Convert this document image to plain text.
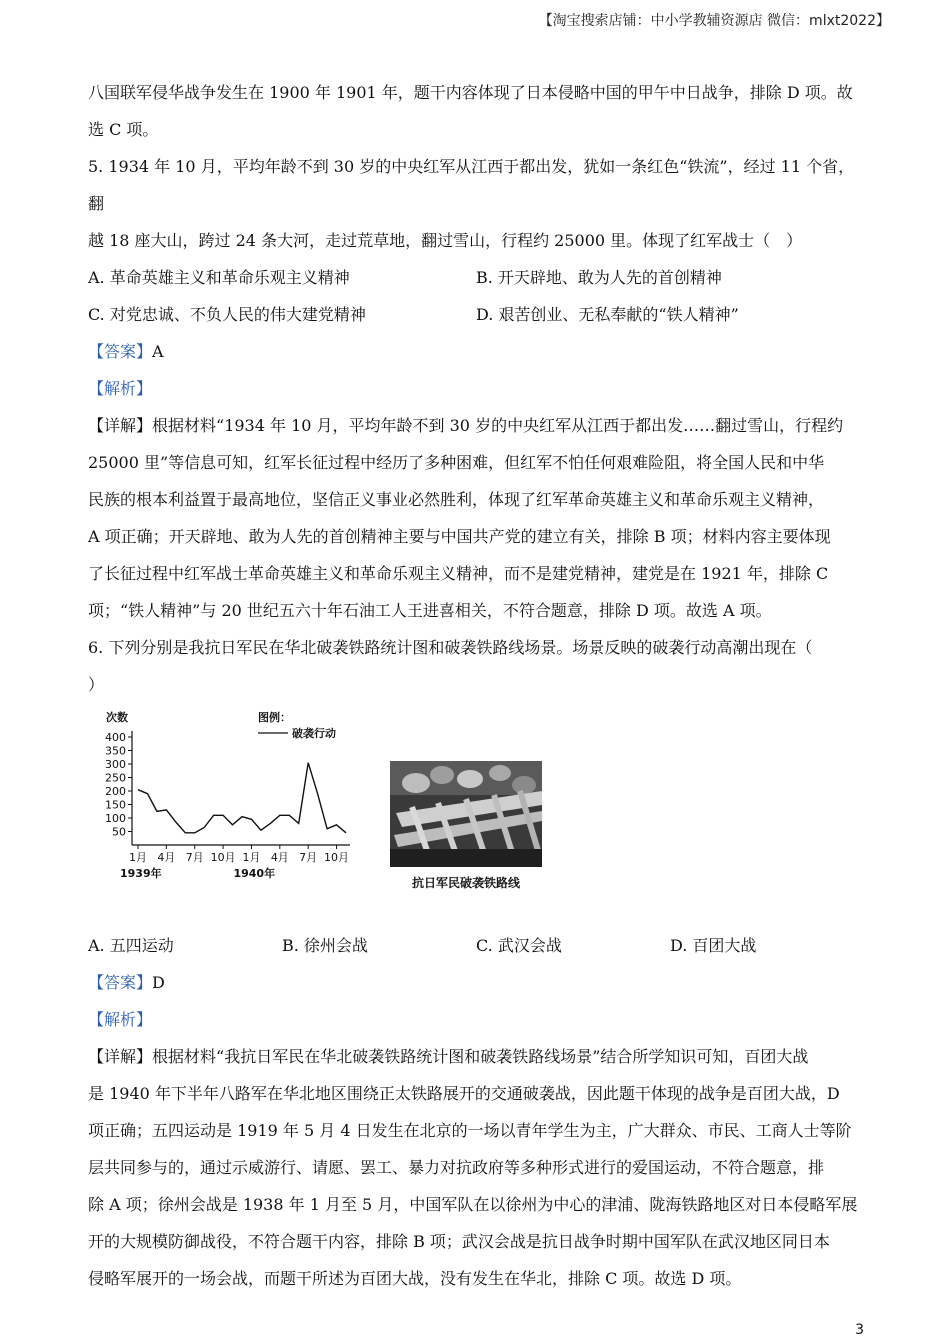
【淘宝搜索店铺：中小学教辅资源店 微信：mlxt2022】

八国联军侵华战争发生在 1900 年 1901 年，题干内容体现了日本侵略中国的甲午中日战争，排除 D 项。故

选 C 项。

5. 1934 年 10 月，平均年龄不到 30 岁的中央红军从江西于都出发，犹如一条红色“铁流”，经过 11 个省，翻

越 18 座大山，跨过 24 条大河，走过荒草地，翻过雪山，行程约 25000 里。体现了红军战士（　）

A. 革命英雄主义和革命乐观主义精神	B. 开天辟地、敢为人先的首创精神
C. 对党忠诚、不负人民的伟大建党精神	D. 艰苦创业、无私奉献的“铁人精神”

【答案】A

【解析】

【详解】根据材料“1934 年 10 月，平均年龄不到 30 岁的中央红军从江西于都出发……翻过雪山，行程约

25000 里”等信息可知，红军长征过程中经历了多种困难，但红军不怕任何艰难险阻，将全国人民和中华

民族的根本利益置于最高地位，坚信正义事业必然胜利，体现了红军革命英雄主义和革命乐观主义精神，

A 项正确；开天辟地、敢为人先的首创精神主要与中国共产党的建立有关，排除 B 项；材料内容主要体现

了长征过程中红军战士革命英雄主义和革命乐观主义精神，而不是建党精神，建党是在 1921 年，排除 C

项；“铁人精神”与 20 世纪五六十年石油工人王进喜相关，不符合题意，排除 D 项。故选 A 项。

6. 下列分别是我抗日军民在华北破袭铁路统计图和破袭铁路线场景。场景反映的破袭行动高潮出现在（

）

次数
50
100
150
200
250
300
350
400
1月 4月 7月 10月 1月 4月 7月 10月
1939年	1940年
图例：
破袭行动
抗日军民破袭铁路线
A. 五四运动	B. 徐州会战	C. 武汉会战	D. 百团大战

【答案】D

【解析】

【详解】根据材料“我抗日军民在华北破袭铁路统计图和破袭铁路线场景”结合所学知识可知，百团大战

是 1940 年下半年八路军在华北地区围绕正太铁路展开的交通破袭战，因此题干体现的战争是百团大战，D

项正确；五四运动是 1919 年 5 月 4 日发生在北京的一场以青年学生为主，广大群众、市民、工商人士等阶

层共同参与的，通过示威游行、请愿、罢工、暴力对抗政府等多种形式进行的爱国运动，不符合题意，排

除 A 项；徐州会战是 1938 年 1 月至 5 月，中国军队在以徐州为中心的津浦、陇海铁路地区对日本侵略军展

开的大规模防御战役，不符合题干内容，排除 B 项；武汉会战是抗日战争时期中国军队在武汉地区同日本

侵略军展开的一场会战，而题干所述为百团大战，没有发生在华北，排除 C 项。故选 D 项。

3
